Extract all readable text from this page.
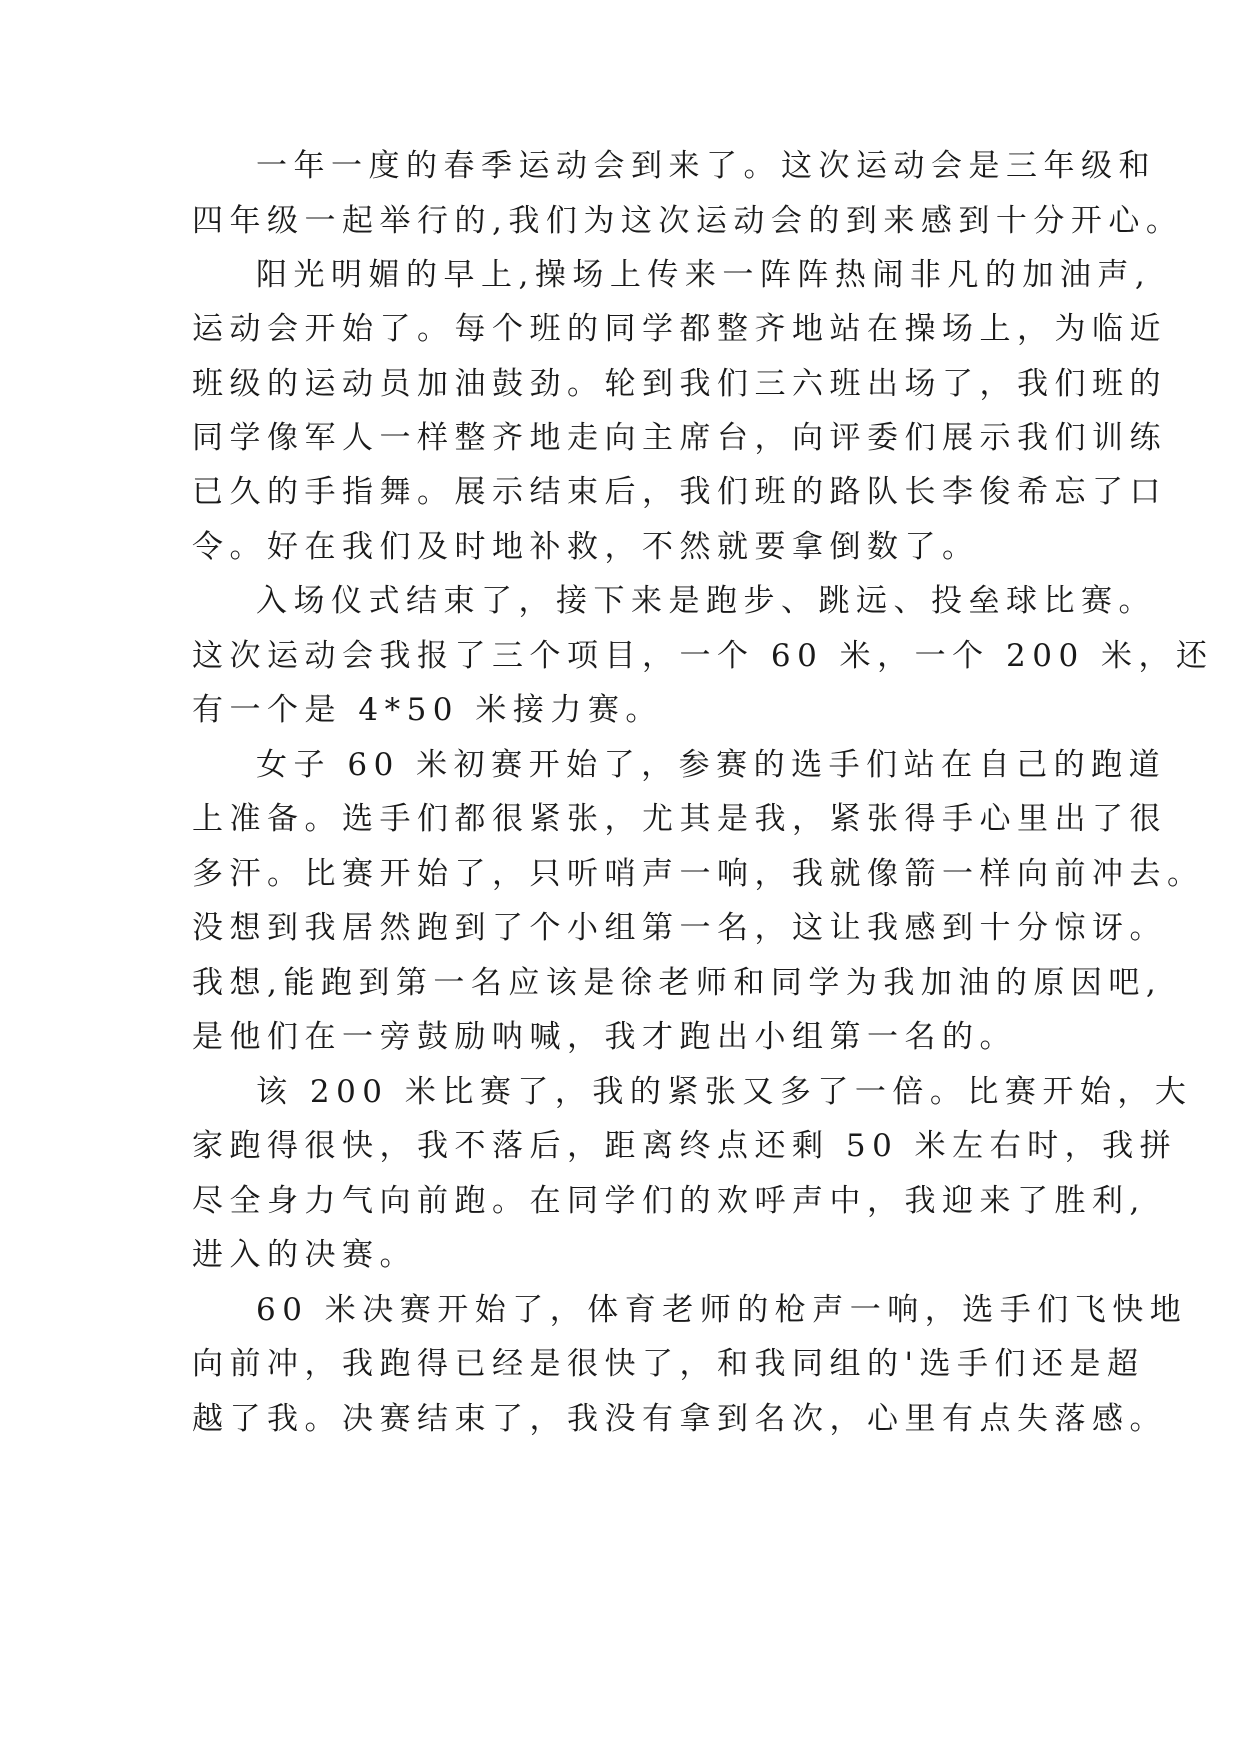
一年一度的春季运动会到来了。这次运动会是三年级和
四年级一起举行的,我们为这次运动会的到来感到十分开心。
阳光明媚的早上,操场上传来一阵阵热闹非凡的加油声,
运动会开始了。每个班的同学都整齐地站在操场上，为临近
班级的运动员加油鼓劲。轮到我们三六班出场了，我们班的
同学像军人一样整齐地走向主席台，向评委们展示我们训练
已久的手指舞。展示结束后，我们班的路队长李俊希忘了口
令。好在我们及时地补救，不然就要拿倒数了。
入场仪式结束了，接下来是跑步、跳远、投垒球比赛。
这次运动会我报了三个项目，一个 60 米，一个 200 米，还
有一个是 4*50 米接力赛。
女子 60 米初赛开始了，参赛的选手们站在自己的跑道
上准备。选手们都很紧张，尤其是我，紧张得手心里出了很
多汗。比赛开始了，只听哨声一响，我就像箭一样向前冲去。
没想到我居然跑到了个小组第一名，这让我感到十分惊讶。
我想,能跑到第一名应该是徐老师和同学为我加油的原因吧,
是他们在一旁鼓励呐喊，我才跑出小组第一名的。
该 200 米比赛了，我的紧张又多了一倍。比赛开始，大
家跑得很快，我不落后，距离终点还剩 50 米左右时，我拼
尽全身力气向前跑。在同学们的欢呼声中，我迎来了胜利,
进入的决赛。
60 米决赛开始了，体育老师的枪声一响，选手们飞快地
向前冲，我跑得已经是很快了，和我同组的'选手们还是超
越了我。决赛结束了，我没有拿到名次，心里有点失落感。
